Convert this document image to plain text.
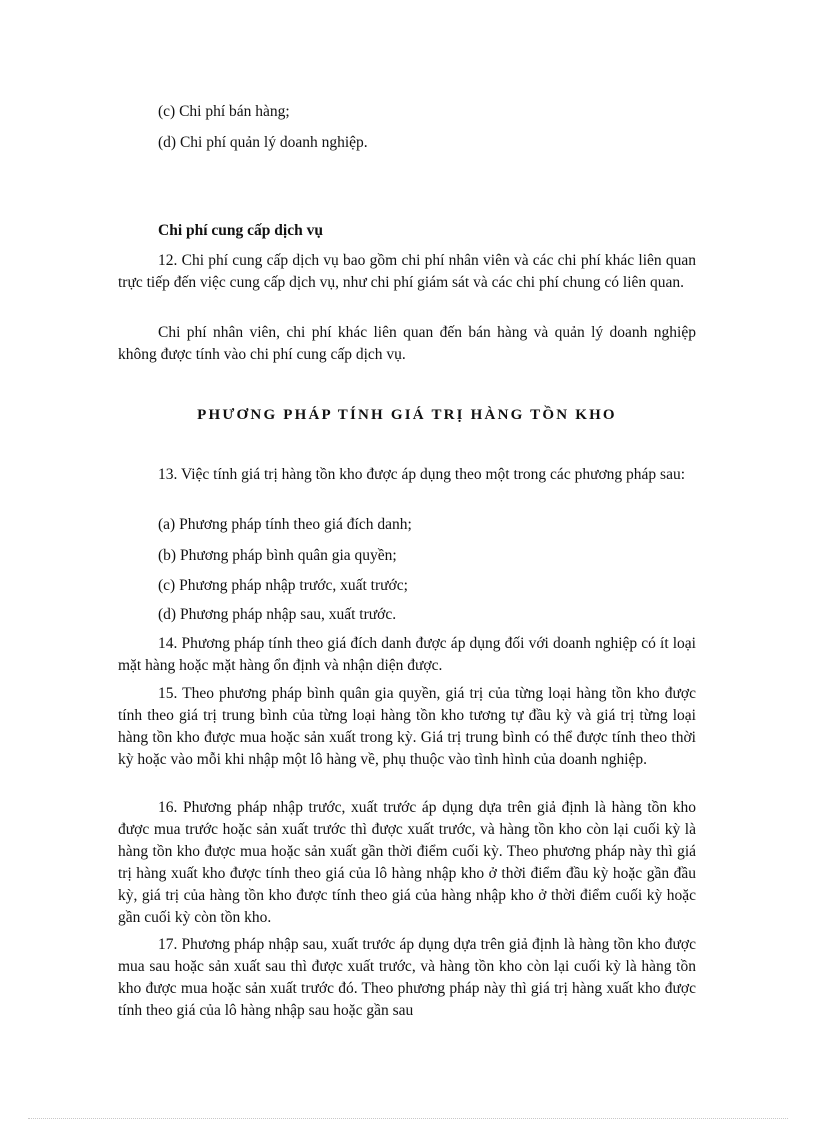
(c) Chi phí bán hàng;

(d) Chi phí quản lý doanh nghiệp.

Chi phí cung cấp dịch vụ

12. Chi phí cung cấp dịch vụ bao gồm chi phí nhân viên và các chi phí khác liên quan trực tiếp đến việc cung cấp dịch vụ, như chi phí giám sát và các chi phí chung có liên quan.

Chi phí nhân viên, chi phí khác liên quan đến bán hàng và quản lý doanh nghiệp không được tính vào chi phí cung cấp dịch vụ.

PHƯƠNG PHÁP TÍNH GIÁ TRỊ HÀNG TỒN KHO

13. Việc tính giá trị hàng tồn kho được áp dụng theo một trong các phương pháp sau:

(a) Phương pháp tính theo giá đích danh;

(b) Phương pháp bình quân gia quyền;

(c) Phương pháp nhập trước, xuất trước;

(d) Phương pháp nhập sau, xuất trước.

14. Phương pháp tính theo giá đích danh được áp dụng đối với doanh nghiệp có ít loại mặt hàng hoặc mặt hàng ổn định và nhận diện được.

15. Theo phương pháp bình quân gia quyền, giá trị của từng loại hàng tồn kho được tính theo giá trị trung bình của từng loại hàng tồn kho tương tự đầu kỳ và giá trị từng loại hàng tồn kho được mua hoặc sản xuất trong kỳ. Giá trị trung bình có thể được tính theo thời kỳ hoặc vào mỗi khi nhập một lô hàng về, phụ thuộc vào tình hình của doanh nghiệp.

16. Phương pháp nhập trước, xuất trước áp dụng dựa trên giả định là hàng tồn kho được mua trước hoặc sản xuất trước thì được xuất trước, và hàng tồn kho còn lại cuối kỳ là hàng tồn kho được mua hoặc sản xuất gần thời điểm cuối kỳ. Theo phương pháp này thì giá trị hàng xuất kho được tính theo giá của lô hàng nhập kho ở thời điểm đầu kỳ hoặc gần đầu kỳ, giá trị của hàng tồn kho được tính theo giá của hàng nhập kho ở thời điểm cuối kỳ hoặc gần cuối kỳ còn tồn kho.

17. Phương pháp nhập sau, xuất trước áp dụng dựa trên giả định là hàng tồn kho được mua sau hoặc sản xuất sau thì được xuất trước, và hàng tồn kho còn lại cuối kỳ là hàng tồn kho được mua hoặc sản xuất trước đó. Theo phương pháp này thì giá trị hàng xuất kho được tính theo giá của lô hàng nhập sau hoặc gần sau
